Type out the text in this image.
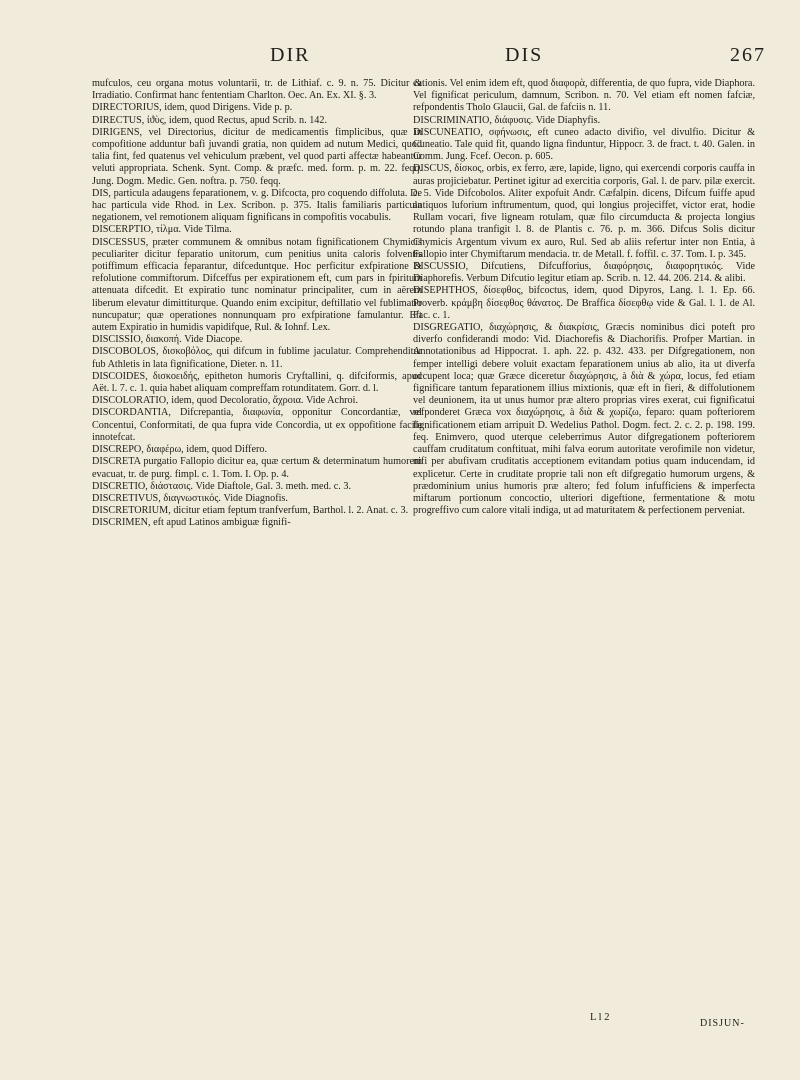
DIR	DIS	267

mufculos, ceu organa motus voluntarii, tr. de Lithiaf. c. 9. n. 75. Dicitur & Irradiatio. Confirmat hanc fententiam Charlton. Oec. An. Ex. XI. §. 3.

DIRECTORIUS, idem, quod Dirigens. Vide p. p.

DIRECTUS, ἰϑὺς, idem, quod Rectus, apud Scrib. n. 142.

DIRIGENS, vel Directorius, dicitur de medicamentis fimplicibus, quæ in compofitione adduntur bafi juvandi gratia, non quidem ad nutum Medici, quod talia fint, fed quatenus vel vehiculum præbent, vel quod parti affectæ habeantur veluti appropriata. Schenk. Synt. Comp. & præfc. med. form. p. m. 22. feqq. Jung. Dogm. Medic. Gen. noftra. p. 750. feqq.

DIS, particula adaugens feparationem, v. g. Difcocta, pro coquendo diffoluta. De hac particula vide Rhod. in Lex. Scribon. p. 375. Italis familiaris particula negationem, vel remotionem aliquam fignificans in compofitis vocabulis.

DISCERPTIO, τίλμα. Vide Tilma.

DISCESSUS, præter communem & omnibus notam fignificationem Chymicis peculiariter dicitur feparatio unitorum, cum penitius unita caloris folventis potiffimum efficacia feparantur, difceduntque. Hoc perficitur exfpiratione & refolutione commiftorum. Difceffus per expirationem eft, cum pars in fpiritum attenuata difcedit. Et expiratio tunc nominatur principaliter, cum in aërem liberum elevatur dimittiturque. Quando enim excipitur, deftillatio vel fublimatio nuncupatur; quæ operationes nonnunquam pro exfpiratione famulantur. Eft autem Expiratio in humidis vapidifque, Rul. & Iohnf. Lex.

DISCISSIO, διακοπή. Vide Diacope.

DISCOBOLOS, δισκοβόλος, qui difcum in fublime jaculatur. Comprehenditur fub Athletis in lata fignificatione, Dieter. n. 11.

DISCOIDES, δισκοειδής, epitheton humoris Cryftallini, q. difciformis, apud Aët. l. 7. c. 1. quia habet aliquam compreffam rotunditatem. Gorr. d. l.

DISCOLORATIO, idem, quod Decoloratio, ἄχροια. Vide Achroi.

DISCORDANTIA, Difcrepantia, διαφωνία, opponitur Concordantiæ, vel Concentui, Conformitati, de qua fupra vide Concordia, ut ex oppofitione facile innotefcat.

DISCREPO, διαφέρω, idem, quod Differo.

DISCRETA purgatio Fallopio dicitur ea, quæ certum & determinatum humorem evacuat, tr. de purg. fimpl. c. 1. Tom. I. Op. p. 4.

DISCRETIO, διάστασις. Vide Diaftole, Gal. 3. meth. med. c. 3.

DISCRETIVUS, διαγνωστικός. Vide Diagnofis.

DISCRETORIUM, dicitur etiam feptum tranfverfum, Barthol. l. 2. Anat. c. 3.

DISCRIMEN, eft apud Latinos ambiguæ fignifi-

cationis. Vel enim idem eft, quod διαφορὰ, differentia, de quo fupra, vide Diaphora. Vel fignificat periculum, damnum, Scribon. n. 70. Vel etiam eft nomen fafciæ, refpondentis Tholo Glaucii, Gal. de fafciis n. 11.

DISCRIMINATIO, διάφυσις. Vide Diaphyfis.

DISCUNEATIO, σφήνωσις, eft cuneo adacto divifio, vel divulfio. Dicitur & Cuneatio. Tale quid fit, quando ligna finduntur, Hippocr. 3. de fract. t. 40. Galen. in Comm. Jung. Fcef. Oecon. p. 605.

DISCUS, δίσκος, orbis, ex ferro, ære, lapide, ligno, qui exercendi corporis cauffa in auras projiciebatur. Pertinet igitur ad exercitia corporis, Gal. l. de parv. pilæ exercit. c. 5. Vide Difcobolos. Aliter expofuit Andr. Cæfalpin. dicens, Difcum fuiffe apud antiquos luforium inftrumentum, quod, qui longius projeciffet, victor erat, hodie Rullam vocari, five ligneam rotulam, quæ filo circumducta & projecta longius rotundo plana tranfigit l. 8. de Plantis c. 76. p. m. 366. Difcus Solis dicitur Chymicis Argentum vivum ex auro, Rul. Sed ab aliis refertur inter non Entia, à Fallopio inter Chymiftarum mendacia. tr. de Metall. f. foffil. c. 37. Tom. I. p. 345.

DISCUSSIO, Difcutiens, Difcufforius, διαφόρησις, διαφορητικός. Vide Diaphorefis. Verbum Difcutio legitur etiam ap. Scrib. n. 12. 44. 206. 214. & alibi.

DISEPHTHOS, δίσεφθος, bifcoctus, idem, quod Dipyros, Lang. l. 1. Ep. 66. Proverb. κράμβη δίσεφθος θάνατος. De Braffica δίσεφθῳ vide & Gal. l. 1. de Al. Fac. c. 1.

DISGREGATIO, διαχώρησις, & διακρίσις, Græcis nominibus dici poteft pro diverfo confiderandi modo: Vid. Diachorefis & Diachorifis. Profper Martian. in Annotationibus ad Hippocrat. 1. aph. 22. p. 432. 433. per Difgregationem, non femper intelligi debere voluit exactam feparationem unius ab alio, ita ut diverfa occupent loca; quæ Græce diceretur διαχώρησις, à διὰ & χώρα, locus, fed etiam fignificare tantum feparationem illius mixtionis, quæ eft in fieri, & diffolutionem vel deunionem, ita ut unus humor præ altero proprias vires exerat, cui fignificatui refponderet Græca vox διαχώρησις, à διὰ & χωρίζω, feparo: quam pofteriorem fignificationem etiam arripuit D. Wedelius Pathol. Dogm. fect. 2. c. 2. p. 198. 199. feq. Enimvero, quod uterque celeberrimus Autor difgregationem pofteriorem cauffam cruditatum conftituat, mihi falva eorum autoritate verofimile non videtur, nifi per abufivam cruditatis acceptionem evitandam potius quam inducendam, id explicetur. Certe in cruditate proprie tali non eft difgregatio humorum urgens, & prædominium unius humoris præ altero; fed folum infufficiens & imperfecta miftarum portionum concoctio, ulteriori digeftione, fermentatione & motu progreffivo cum calore vitali indiga, ut ad maturitatem & perfectionem perveniat.

L l 2
DISJUN-
